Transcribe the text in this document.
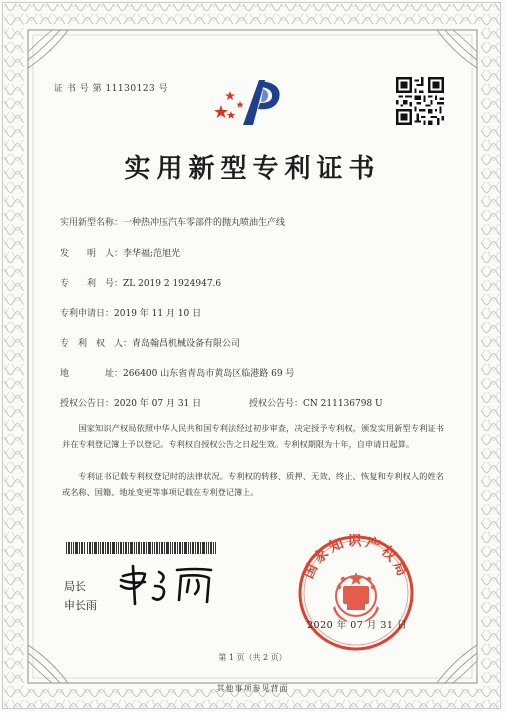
证 书 号 第 11130123 号
实用新型专利证书
实用新型名称：一种热冲压汽车零部件的抛丸喷油生产线
发　　明　人：李华福;范旭光
专　　利　号：ZL 2019 2 1924947.6
专利申请日：2019 年 11 月 10 日
专　利　权　人：青岛翰昌机械设备有限公司
地　　　　址：266400 山东省青岛市黄岛区临港路 69 号
授权公告日：2020 年 07 月 31 日	授权公告号：CN 211136798 U
国家知识产权局依照中华人民共和国专利法经过初步审查，决定授予专利权，颁发实用新型专利证书并在专利登记簿上予以登记。专利权自授权公告之日起生效。专利权期限为十年，自申请日起算。
专利证书记载专利权登记时的法律状况。专利权的转移、质押、无效、终止、恢复和专利权人的姓名或名称、国籍、地址变更等事项记载在专利登记簿上。
局长
申长雨
国家知识产权局
2020 年 07 月 31 日
第 1 页（共 2 页）
其他事项参见背面
